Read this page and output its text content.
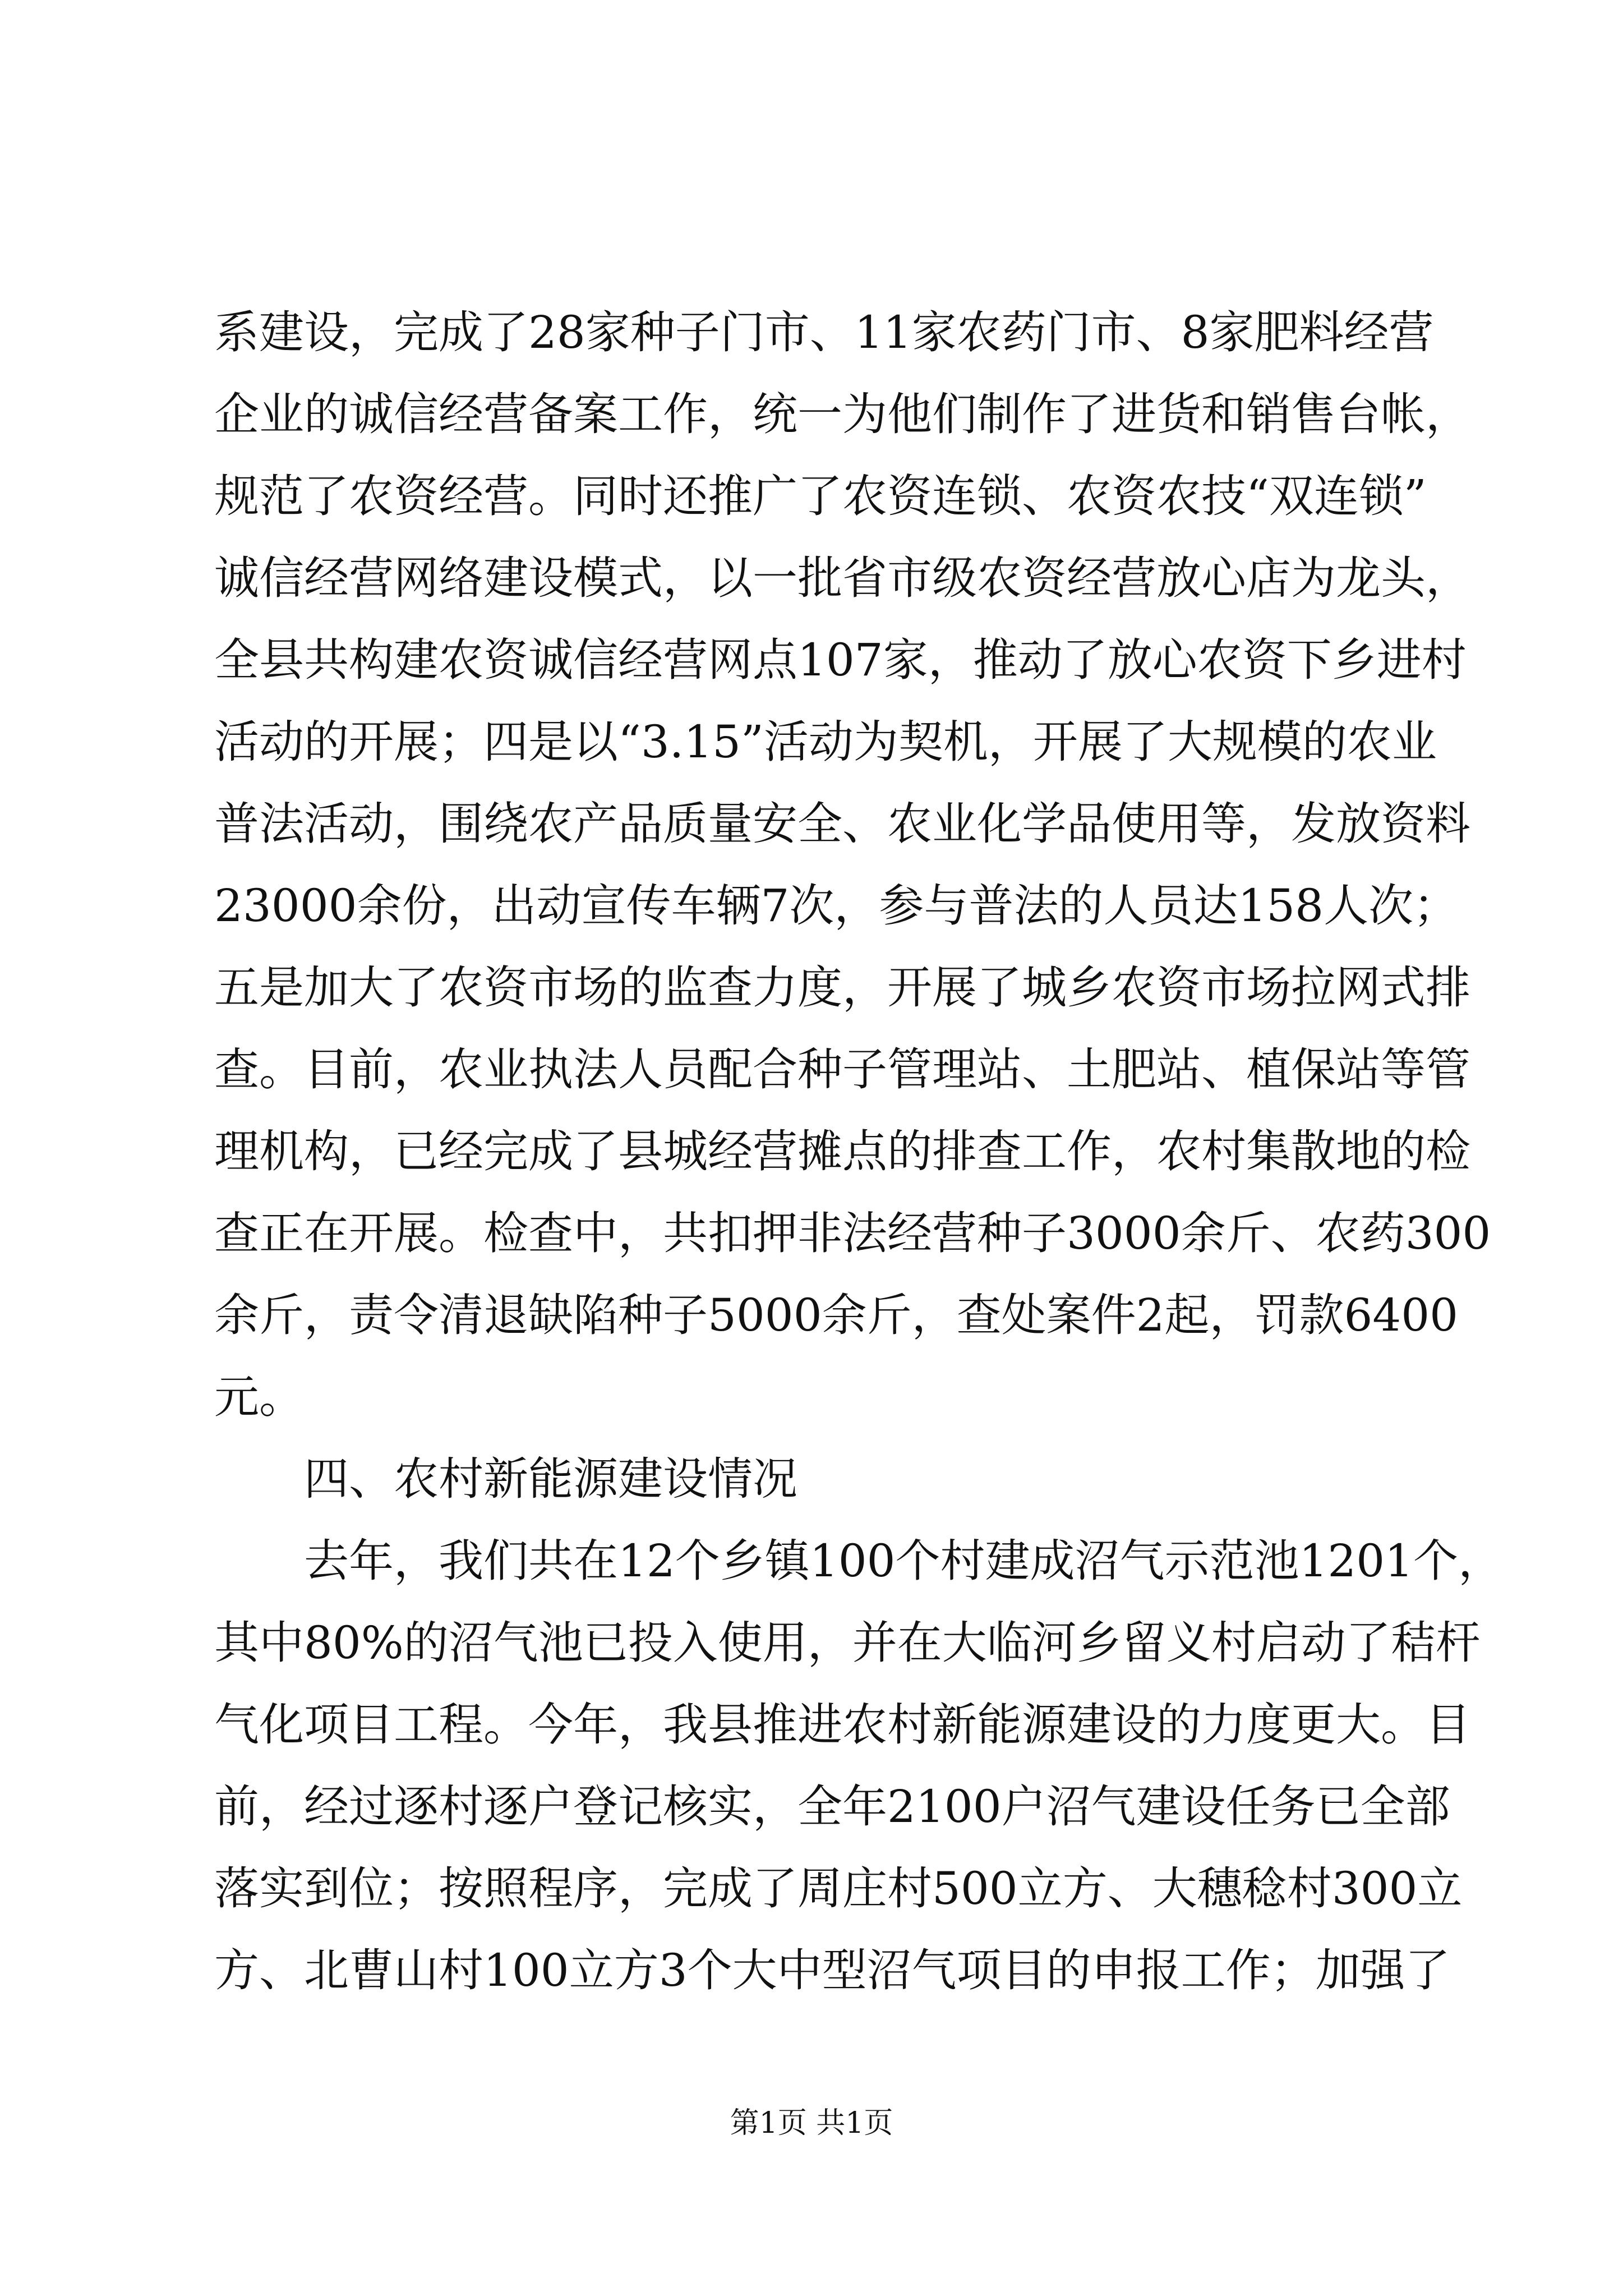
系建设，完成了28家种子门市、11家农药门市、8家肥料经营
企业的诚信经营备案工作，统一为他们制作了进货和销售台帐，
规范了农资经营。同时还推广了农资连锁、农资农技“双连锁”
诚信经营网络建设模式，以一批省市级农资经营放心店为龙头，
全县共构建农资诚信经营网点107家，推动了放心农资下乡进村
活动的开展；四是以“3.15”活动为契机，开展了大规模的农业
普法活动，围绕农产品质量安全、农业化学品使用等，发放资料
23000余份，出动宣传车辆7次，参与普法的人员达158人次；
五是加大了农资市场的监查力度，开展了城乡农资市场拉网式排
查。目前，农业执法人员配合种子管理站、土肥站、植保站等管
理机构，已经完成了县城经营摊点的排查工作，农村集散地的检
查正在开展。检查中，共扣押非法经营种子3000余斤、农药300
余斤，责令清退缺陷种子5000余斤，查处案件2起，罚款6400
元。
四、农村新能源建设情况
去年，我们共在12个乡镇100个村建成沼气示范池1201个，
其中80%的沼气池已投入使用，并在大临河乡留义村启动了秸杆
气化项目工程。今年，我县推进农村新能源建设的力度更大。目
前，经过逐村逐户登记核实，全年2100户沼气建设任务已全部
落实到位；按照程序，完成了周庄村500立方、大穗稔村300立
方、北曹山村100立方3个大中型沼气项目的申报工作；加强了
第1页 共1页
